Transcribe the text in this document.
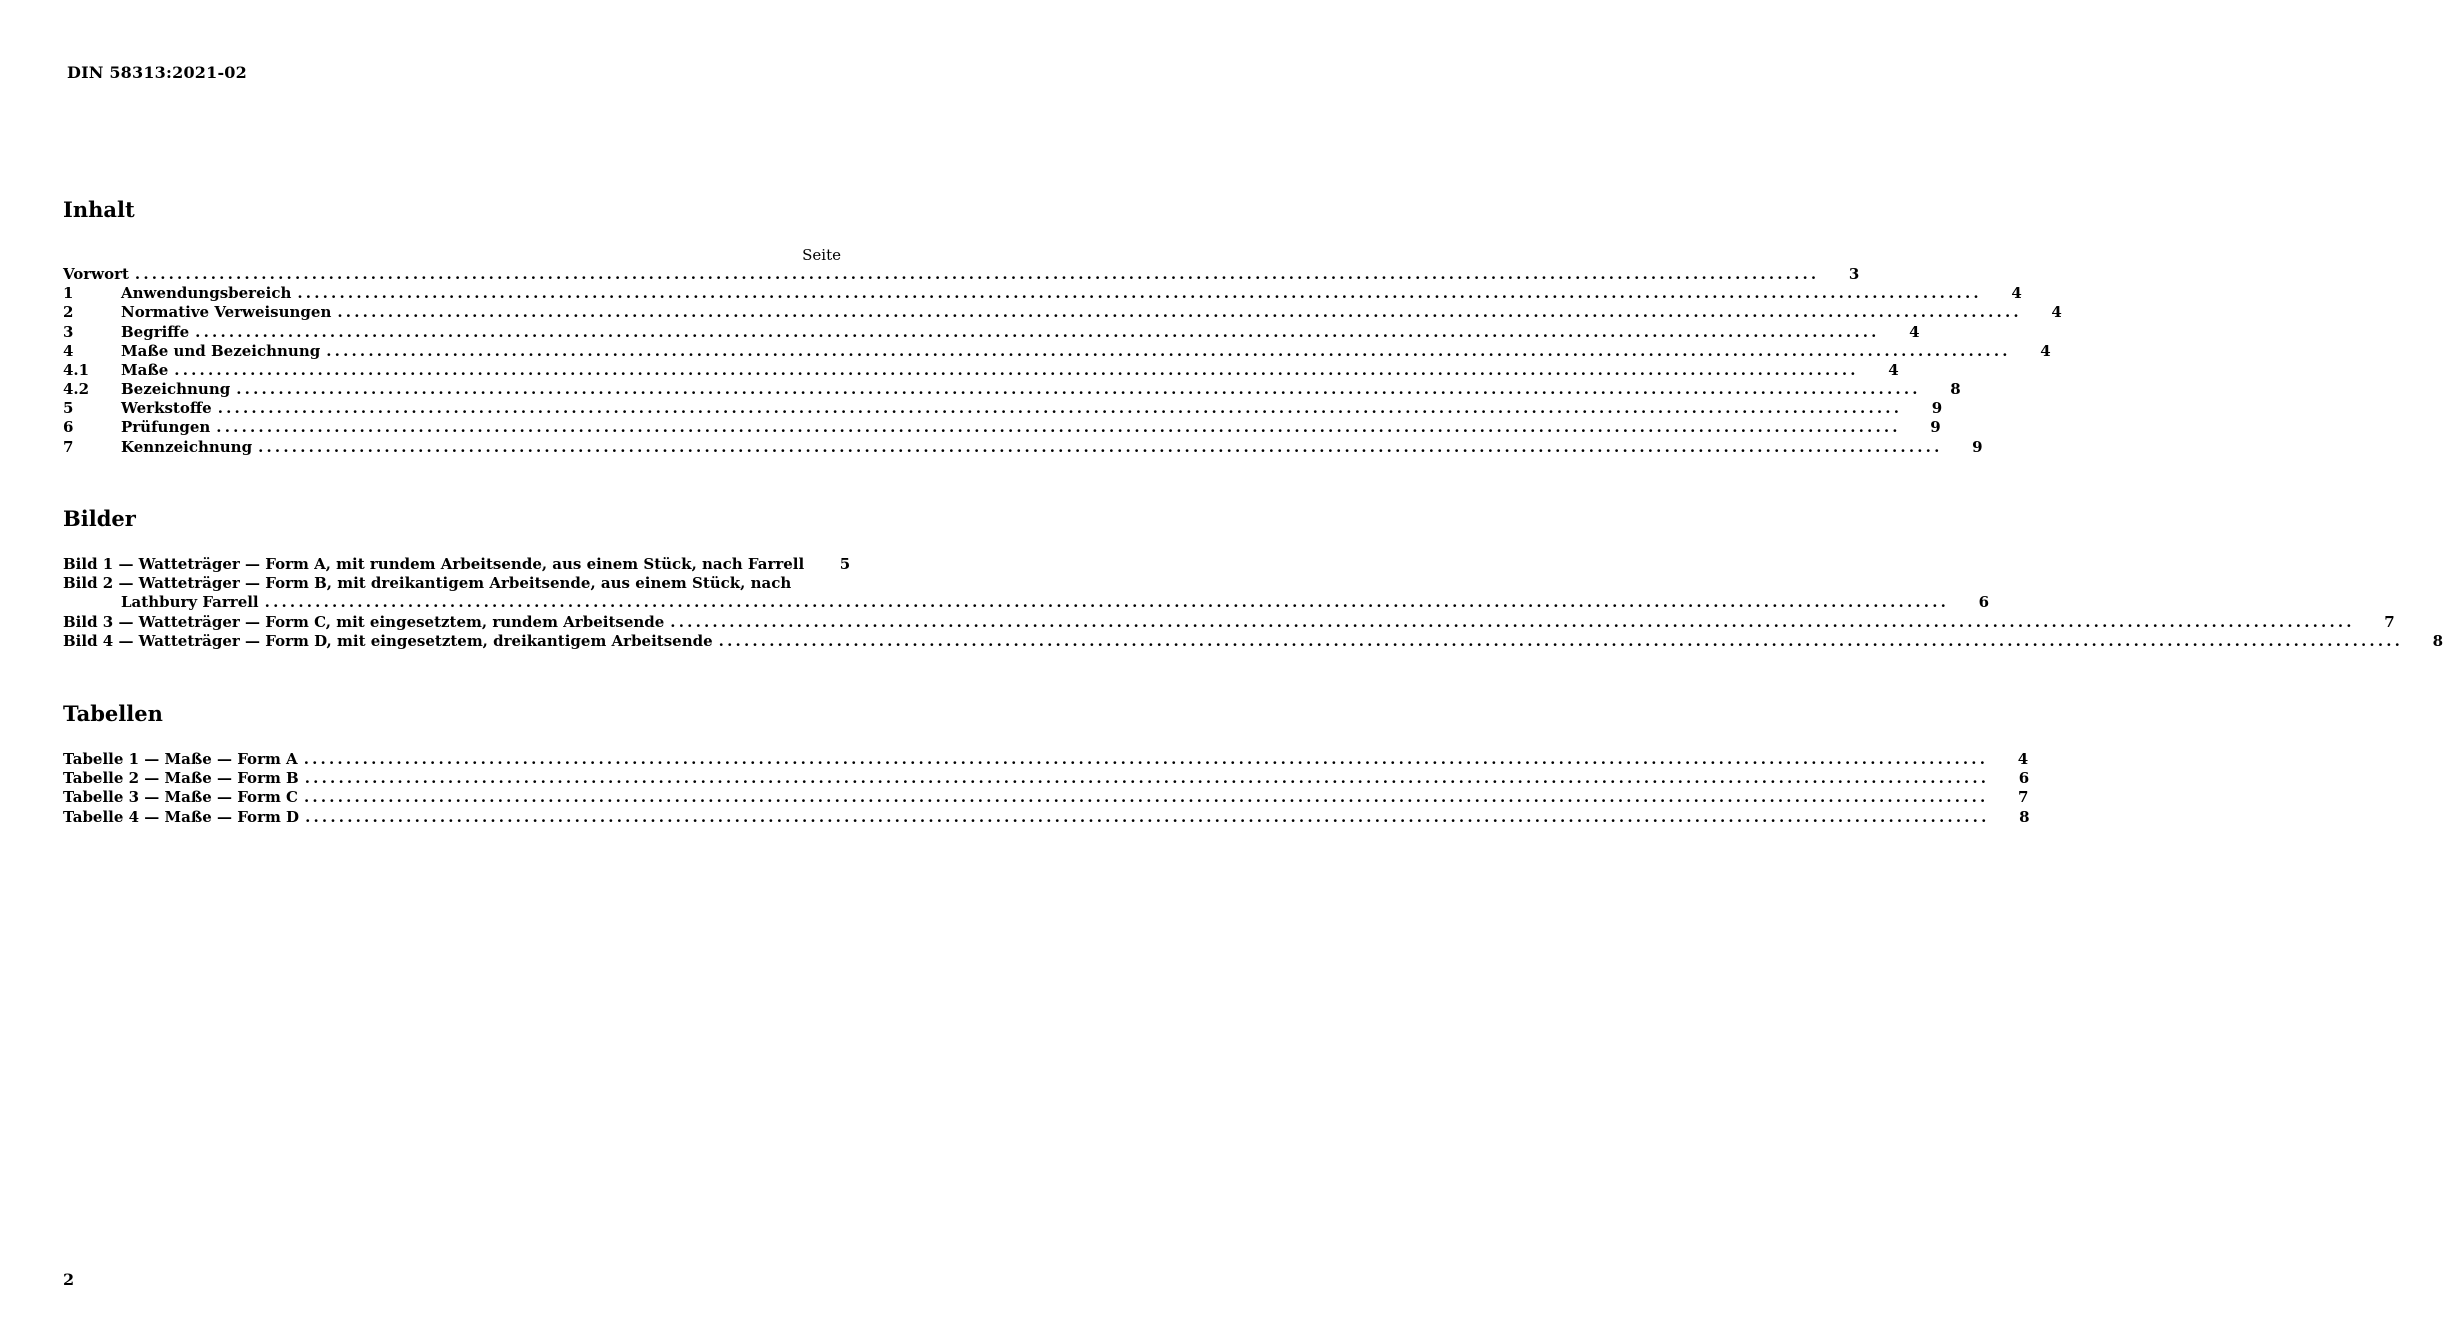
DIN 58313:2021-02
Inhalt
Seite
Vorwort ........................................................................................................................................................................................................	3
1	Anwendungsbereich ........................................................................................................................................................................................................	4
2	Normative Verweisungen ........................................................................................................................................................................................................	4
3	Begriffe ........................................................................................................................................................................................................	4
4	Maße und Bezeichnung ........................................................................................................................................................................................................	4
4.1	Maße ........................................................................................................................................................................................................	4
4.2	Bezeichnung ........................................................................................................................................................................................................	8
5	Werkstoffe ........................................................................................................................................................................................................	9
6	Prüfungen ........................................................................................................................................................................................................	9
7	Kennzeichnung ........................................................................................................................................................................................................	9
Bilder
Bild 1 — Watteträger — Form A, mit rundem Arbeitsende, aus einem Stück, nach Farrell	5
Bild 2 — Watteträger — Form B, mit dreikantigem Arbeitsende, aus einem Stück, nach
Lathbury Farrell ........................................................................................................................................................................................................	6
Bild 3 — Watteträger — Form C, mit eingesetztem, rundem Arbeitsende ........................................................................................................................................................................................................	7
Bild 4 — Watteträger — Form D, mit eingesetztem, dreikantigem Arbeitsende ........................................................................................................................................................................................................	8
Tabellen
Tabelle 1 — Maße — Form A ........................................................................................................................................................................................................	4
Tabelle 2 — Maße — Form B ........................................................................................................................................................................................................	6
Tabelle 3 — Maße — Form C ........................................................................................................................................................................................................	7
Tabelle 4 — Maße — Form D ........................................................................................................................................................................................................	8
2
